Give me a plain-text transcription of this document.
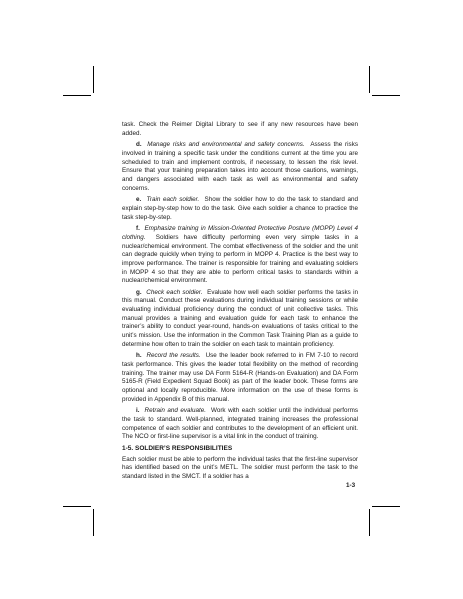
task. Check the Reimer Digital Library to see if any new resources have been added.

d. Manage risks and environmental and safety concerns. Assess the risks involved in training a specific task under the conditions current at the time you are scheduled to train and implement controls, if necessary, to lessen the risk level. Ensure that your training preparation takes into account those cautions, warnings, and dangers associated with each task as well as environmental and safety concerns.

e. Train each soldier. Show the soldier how to do the task to standard and explain step-by-step how to do the task. Give each soldier a chance to practice the task step-by-step.

f. Emphasize training in Mission-Oriented Protective Posture (MOPP) Level 4 clothing. Soldiers have difficulty performing even very simple tasks in a nuclear/chemical environment. The combat effectiveness of the soldier and the unit can degrade quickly when trying to perform in MOPP 4. Practice is the best way to improve performance. The trainer is responsible for training and evaluating soldiers in MOPP 4 so that they are able to perform critical tasks to standards within a nuclear/chemical environment.

g. Check each soldier. Evaluate how well each soldier performs the tasks in this manual. Conduct these evaluations during individual training sessions or while evaluating individual proficiency during the conduct of unit collective tasks. This manual provides a training and evaluation guide for each task to enhance the trainer’s ability to conduct year-round, hands-on evaluations of tasks critical to the unit’s mission. Use the information in the Common Task Training Plan as a guide to determine how often to train the soldier on each task to maintain proficiency.

h. Record the results. Use the leader book referred to in FM 7-10 to record task performance. This gives the leader total flexibility on the method of recording training. The trainer may use DA Form 5164-R (Hands-on Evaluation) and DA Form 5165-R (Field Expedient Squad Book) as part of the leader book. These forms are optional and locally reproducible. More information on the use of these forms is provided in Appendix B of this manual.

i. Retrain and evaluate. Work with each soldier until the individual performs the task to standard. Well-planned, integrated training increases the professional competence of each soldier and contributes to the development of an efficient unit. The NCO or first-line supervisor is a vital link in the conduct of training.

1-5. SOLDIER’S RESPONSIBILITIES

Each soldier must be able to perform the individual tasks that the first-line supervisor has identified based on the unit’s METL. The soldier must perform the task to the standard listed in the SMCT. If a soldier has a

1-3
